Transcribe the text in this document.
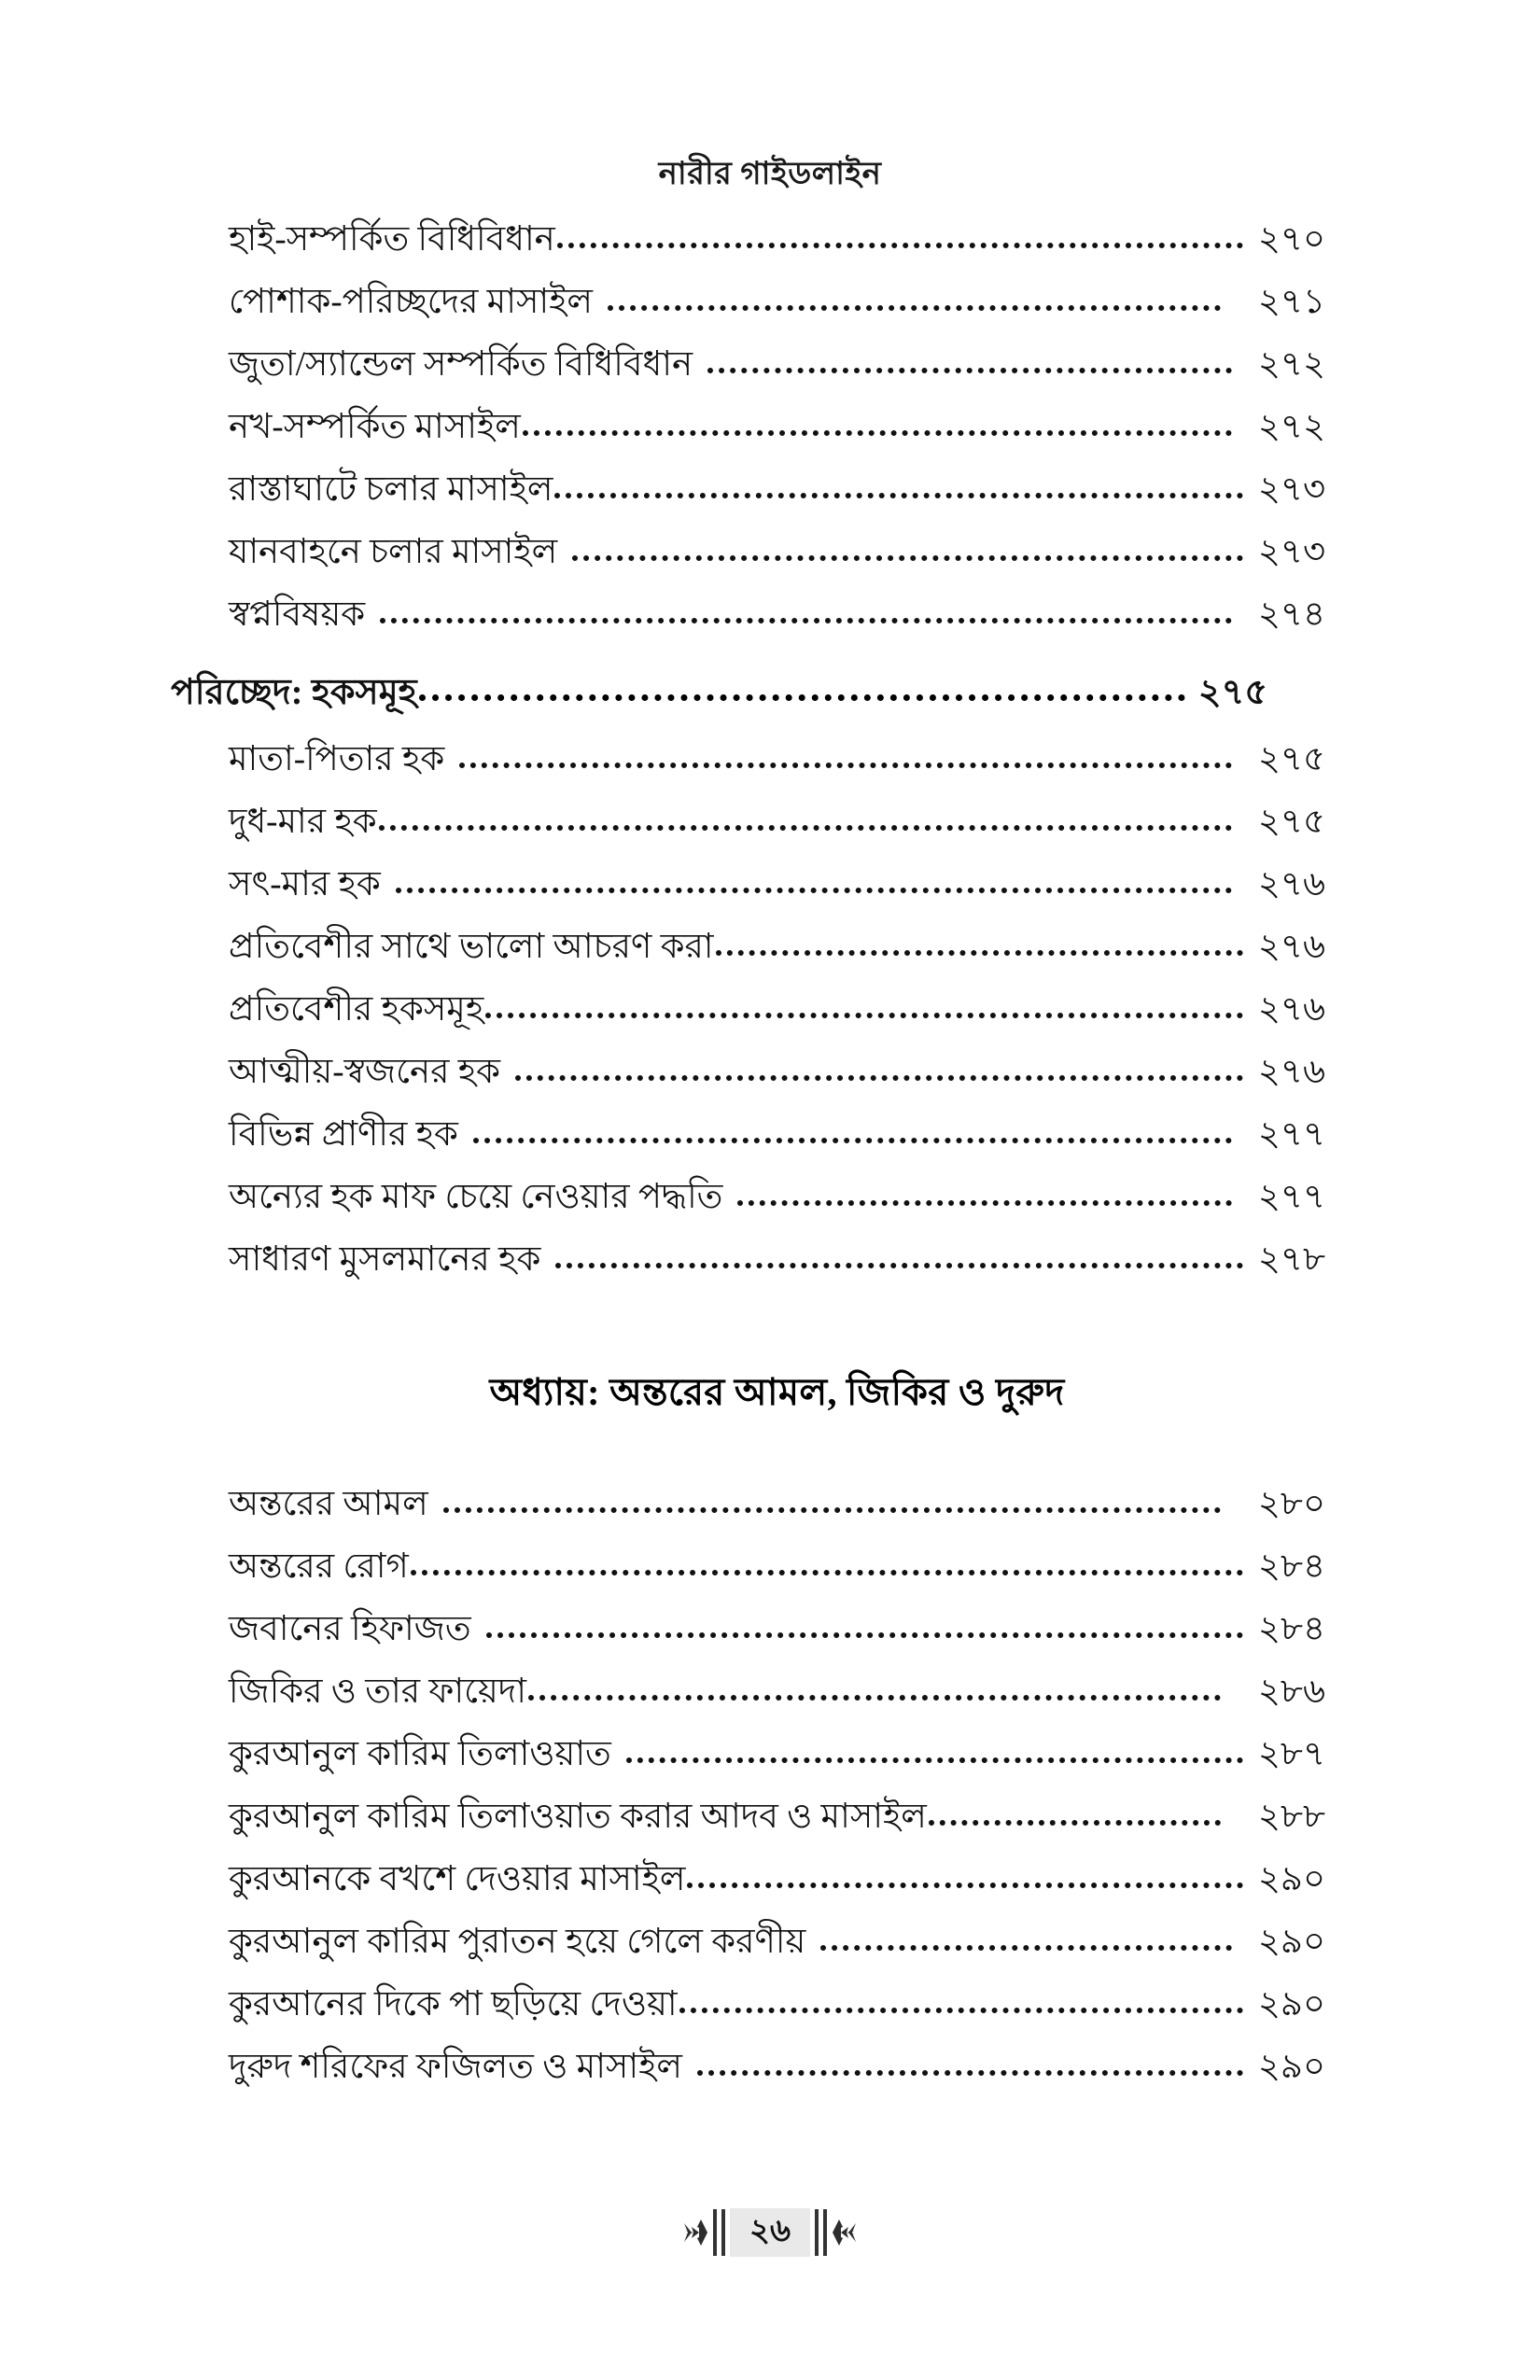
নারীর গাইডলাইন
হাই-সম্পর্কিত বিধিবিধান	২৭০
পোশাক-পরিচ্ছদের মাসাইল	২৭১
জুতা/স্যান্ডেল সম্পর্কিত বিধিবিধান	২৭২
নখ-সম্পর্কিত মাসাইল	২৭২
রাস্তাঘাটে চলার মাসাইল	২৭৩
যানবাহনে চলার মাসাইল	২৭৩
স্বপ্নবিষয়ক	২৭৪
পরিচ্ছেদ: হকসমূহ	২৭৫
মাতা-পিতার হক	২৭৫
দুধ-মার হক	২৭৫
সৎ-মার হক	২৭৬
প্রতিবেশীর সাথে ভালো আচরণ করা	২৭৬
প্রতিবেশীর হকসমূহ	২৭৬
আত্মীয়-স্বজনের হক	২৭৬
বিভিন্ন প্রাণীর হক	২৭৭
অন্যের হক মাফ চেয়ে নেওয়ার পদ্ধতি	২৭৭
সাধারণ মুসলমানের হক	২৭৮
অধ্যায়: অন্তরের আমল, জিকির ও দুরুদ
অন্তরের আমল	২৮০
অন্তরের রোগ	২৮৪
জবানের হিফাজত	২৮৪
জিকির ও তার ফায়েদা	২৮৬
কুরআনুল কারিম তিলাওয়াত	২৮৭
কুরআনুল কারিম তিলাওয়াত করার আদব ও মাসাইল	২৮৮
কুরআনকে বখশে দেওয়ার মাসাইল	২৯০
কুরআনুল কারিম পুরাতন হয়ে গেলে করণীয়	২৯০
কুরআনের দিকে পা ছড়িয়ে দেওয়া	২৯০
দুরুদ শরিফের ফজিলত ও মাসাইল	২৯০
২৬
